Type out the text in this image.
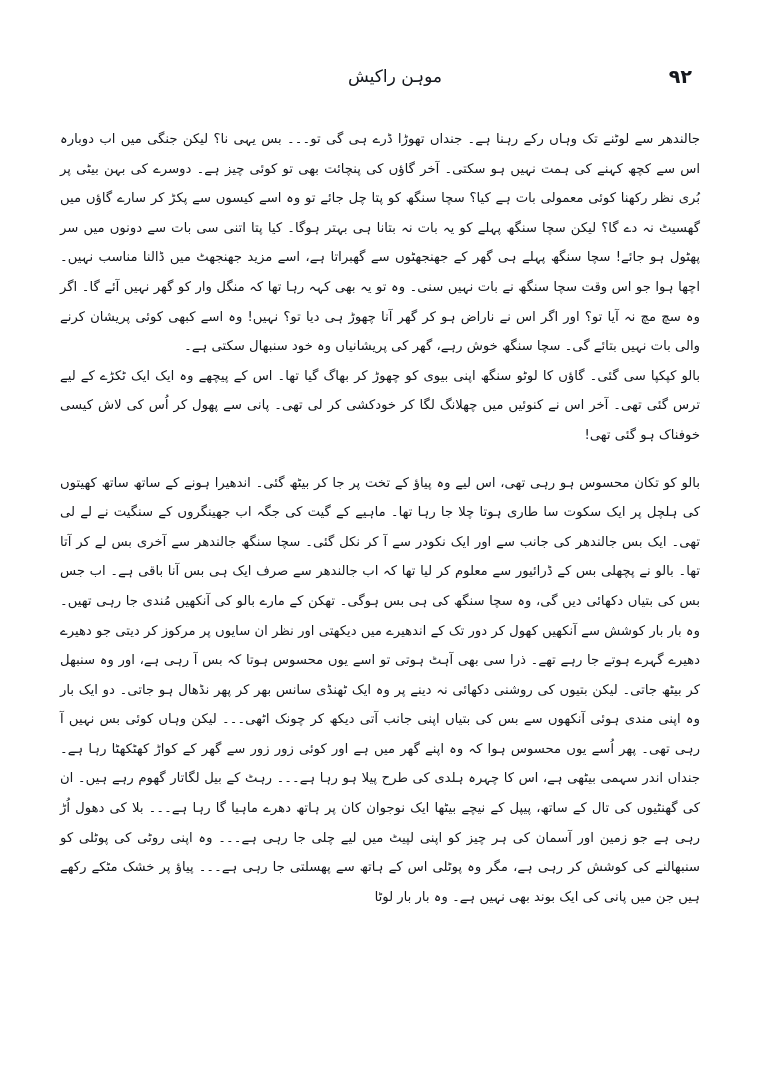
۹۲
موہن راکیش

جالندھر سے لوٹنے تک وہاں رکے رہنا ہے۔ جنداں تھوڑا ڈرے ہی گی تو۔۔۔ بس یہی نا؟ لیکن جنگی میں اب دوبارہ اس سے کچھ کہنے کی ہمت نہیں ہو سکتی۔ آخر گاؤں کی پنچائت بھی تو کوئی چیز ہے۔ دوسرے کی بہن بیٹی پر بُری نظر رکھنا کوئی معمولی بات ہے کیا؟ سچا سنگھ کو پتا چل جائے تو وہ اسے کیسوں سے پکڑ کر سارے گاؤں میں گھسیٹ نہ دے گا؟ لیکن سچا سنگھ پہلے کو یہ بات نہ بتانا ہی بہتر ہوگا۔ کیا پتا اتنی سی بات سے دونوں میں سر پھٹول ہو جائے! سچا سنگھ پہلے ہی گھر کے جھنجھٹوں سے گھبراتا ہے، اسے مزید جھنجھٹ میں ڈالنا مناسب نہیں۔ اچھا ہوا جو اس وقت سچا سنگھ نے بات نہیں سنی۔ وہ تو یہ بھی کہہ رہا تھا کہ منگل وار کو گھر نہیں آئے گا۔ اگر وہ سچ مچ نہ آیا تو؟ اور اگر اس نے ناراض ہو کر گھر آنا چھوڑ ہی دیا تو؟ نہیں! وہ اسے کبھی کوئی پریشان کرنے والی بات نہیں بتائے گی۔ سچا سنگھ خوش رہے، گھر کی پریشانیاں وہ خود سنبھال سکتی ہے۔

بالو کپکپا سی گئی۔ گاؤں کا لوٹو سنگھ اپنی بیوی کو چھوڑ کر بھاگ گیا تھا۔ اس کے پیچھے وہ ایک ایک ٹکڑے کے لیے ترس گئی تھی۔ آخر اس نے کنوئیں میں چھلانگ لگا کر خودکشی کر لی تھی۔ پانی سے پھول کر اُس کی لاش کیسی خوفناک ہو گئی تھی!

بالو کو تکان محسوس ہو رہی تھی، اس لیے وہ پیاؤ کے تخت پر جا کر بیٹھ گئی۔ اندھیرا ہونے کے ساتھ ساتھ کھیتوں کی ہلچل پر ایک سکوت سا طاری ہوتا چلا جا رہا تھا۔ ماہیے کے گیت کی جگہ اب جھینگروں کے سنگیت نے لے لی تھی۔ ایک بس جالندھر کی جانب سے اور ایک نکودر سے آ کر نکل گئی۔ سچا سنگھ جالندھر سے آخری بس لے کر آتا تھا۔ بالو نے پچھلی بس کے ڈرائیور سے معلوم کر لیا تھا کہ اب جالندھر سے صرف ایک ہی بس آنا باقی ہے۔ اب جس بس کی بتیاں دکھائی دیں گی، وہ سچا سنگھ کی ہی بس ہوگی۔ تھکن کے مارے بالو کی آنکھیں مُندی جا رہی تھیں۔ وہ بار بار کوشش سے آنکھیں کھول کر دور تک کے اندھیرے میں دیکھتی اور نظر ان سایوں پر مرکوز کر دیتی جو دھیرے دھیرے گہرے ہوتے جا رہے تھے۔ ذرا سی بھی آہٹ ہوتی تو اسے یوں محسوس ہوتا کہ بس آ رہی ہے، اور وہ سنبھل کر بیٹھ جاتی۔ لیکن بتیوں کی روشنی دکھائی نہ دینے پر وہ ایک ٹھنڈی سانس بھر کر پھر نڈھال ہو جاتی۔ دو ایک بار وہ اپنی مندی ہوئی آنکھوں سے بس کی بتیاں اپنی جانب آتی دیکھ کر چونک اٹھی۔۔۔ لیکن وہاں کوئی بس نہیں آ رہی تھی۔ پھر اُسے یوں محسوس ہوا کہ وہ اپنے گھر میں ہے اور کوئی زور زور سے گھر کے کواڑ کھٹکھٹا رہا ہے۔ جنداں اندر سہمی بیٹھی ہے، اس کا چہرہ ہلدی کی طرح پیلا ہو رہا ہے۔۔۔ رہٹ کے بیل لگاتار گھوم رہے ہیں۔ ان کی گھنٹیوں کی تال کے ساتھ، پیپل کے نیچے بیٹھا ایک نوجوان کان پر ہاتھ دھرے ماہیا گا رہا ہے۔۔۔ بلا کی دھول اُڑ رہی ہے جو زمین اور آسمان کی ہر چیز کو اپنی لپیٹ میں لیے چلی جا رہی ہے۔۔۔ وہ اپنی روٹی کی پوٹلی کو سنبھالنے کی کوشش کر رہی ہے، مگر وہ پوٹلی اس کے ہاتھ سے پھسلتی جا رہی ہے۔۔۔ پیاؤ پر خشک مٹکے رکھے ہیں جن میں پانی کی ایک بوند بھی نہیں ہے۔ وہ بار بار لوٹا
